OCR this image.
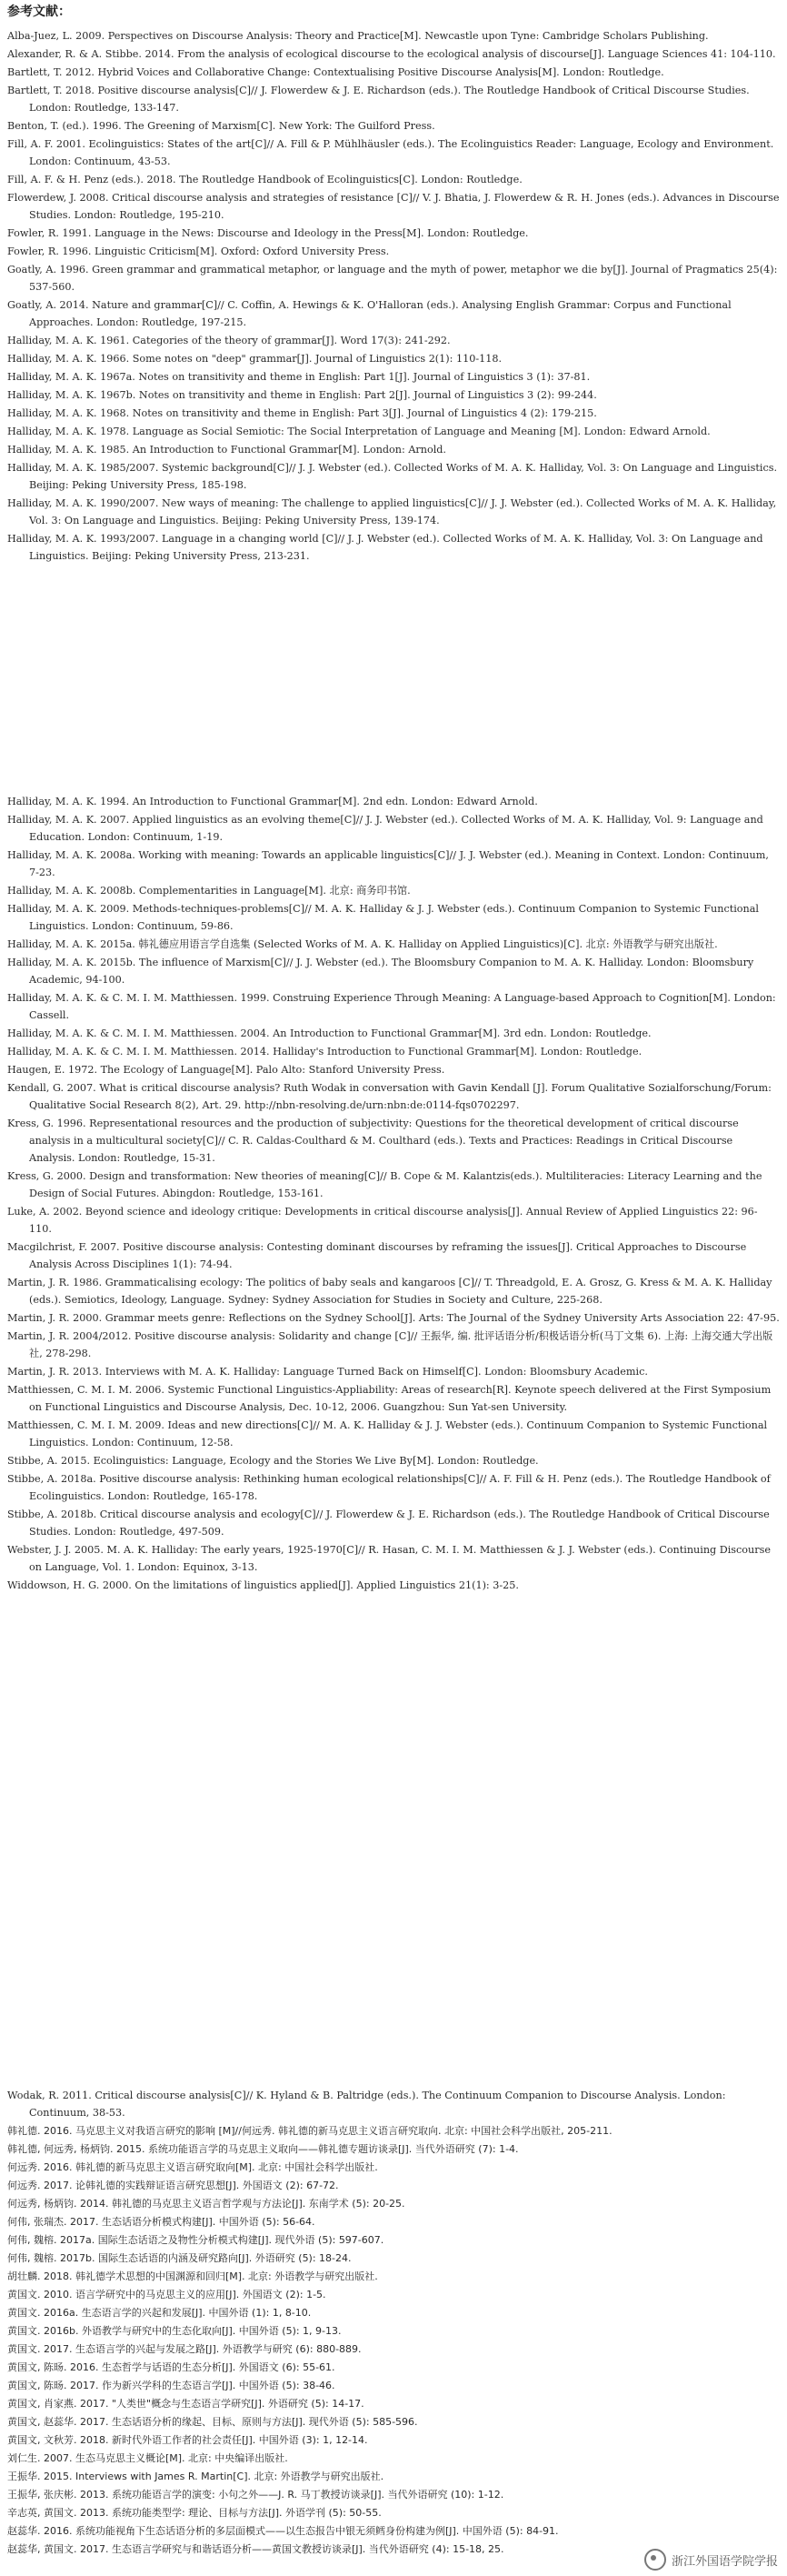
参考文献：
Alba-Juez, L. 2009. Perspectives on Discourse Analysis: Theory and Practice[M]. Newcastle upon Tyne: Cambridge Scholars Publishing.
Alexander, R. & A. Stibbe. 2014. From the analysis of ecological discourse to the ecological analysis of discourse[J]. Language Sciences 41: 104-110.
Bartlett, T. 2012. Hybrid Voices and Collaborative Change: Contextualising Positive Discourse Analysis[M]. London: Routledge.
Bartlett, T. 2018. Positive discourse analysis[C]// J. Flowerdew & J. E. Richardson (eds.). The Routledge Handbook of Critical Discourse Studies. London: Routledge, 133-147.
Benton, T. (ed.). 1996. The Greening of Marxism[C]. New York: The Guilford Press.
Fill, A. F. 2001. Ecolinguistics: States of the art[C]// A. Fill & P. Mühlhäusler (eds.). The Ecolinguistics Reader: Language, Ecology and Environment. London: Continuum, 43-53.
Fill, A. F. & H. Penz (eds.). 2018. The Routledge Handbook of Ecolinguistics[C]. London: Routledge.
Flowerdew, J. 2008. Critical discourse analysis and strategies of resistance [C]// V. J. Bhatia, J. Flowerdew & R. H. Jones (eds.). Advances in Discourse Studies. London: Routledge, 195-210.
Fowler, R. 1991. Language in the News: Discourse and Ideology in the Press[M]. London: Routledge.
Fowler, R. 1996. Linguistic Criticism[M]. Oxford: Oxford University Press.
Goatly, A. 1996. Green grammar and grammatical metaphor, or language and the myth of power, metaphor we die by[J]. Journal of Pragmatics 25(4): 537-560.
Goatly, A. 2014. Nature and grammar[C]// C. Coffin, A. Hewings & K. O'Halloran (eds.). Analysing English Grammar: Corpus and Functional Approaches. London: Routledge, 197-215.
Halliday, M. A. K. 1961. Categories of the theory of grammar[J]. Word 17(3): 241-292.
Halliday, M. A. K. 1966. Some notes on "deep" grammar[J]. Journal of Linguistics 2(1): 110-118.
Halliday, M. A. K. 1967a. Notes on transitivity and theme in English: Part 1[J]. Journal of Linguistics 3 (1): 37-81.
Halliday, M. A. K. 1967b. Notes on transitivity and theme in English: Part 2[J]. Journal of Linguistics 3 (2): 99-244.
Halliday, M. A. K. 1968. Notes on transitivity and theme in English: Part 3[J]. Journal of Linguistics 4 (2): 179-215.
Halliday, M. A. K. 1978. Language as Social Semiotic: The Social Interpretation of Language and Meaning [M]. London: Edward Arnold.
Halliday, M. A. K. 1985. An Introduction to Functional Grammar[M]. London: Arnold.
Halliday, M. A. K. 1985/2007. Systemic background[C]// J. J. Webster (ed.). Collected Works of M. A. K. Halliday, Vol. 3: On Language and Linguistics. Beijing: Peking University Press, 185-198.
Halliday, M. A. K. 1990/2007. New ways of meaning: The challenge to applied linguistics[C]// J. J. Webster (ed.). Collected Works of M. A. K. Halliday, Vol. 3: On Language and Linguistics. Beijing: Peking University Press, 139-174.
Halliday, M. A. K. 1993/2007. Language in a changing world [C]// J. J. Webster (ed.). Collected Works of M. A. K. Halliday, Vol. 3: On Language and Linguistics. Beijing: Peking University Press, 213-231.
Halliday, M. A. K. 1994. An Introduction to Functional Grammar[M]. 2nd edn. London: Edward Arnold.
Halliday, M. A. K. 2007. Applied linguistics as an evolving theme[C]// J. J. Webster (ed.). Collected Works of M. A. K. Halliday, Vol. 9: Language and Education. London: Continuum, 1-19.
Halliday, M. A. K. 2008a. Working with meaning: Towards an applicable linguistics[C]// J. J. Webster (ed.). Meaning in Context. London: Continuum, 7-23.
Halliday, M. A. K. 2008b. Complementarities in Language[M]. 北京: 商务印书馆.
Halliday, M. A. K. 2009. Methods-techniques-problems[C]// M. A. K. Halliday & J. J. Webster (eds.). Continuum Companion to Systemic Functional Linguistics. London: Continuum, 59-86.
Halliday, M. A. K. 2015a. 韩礼德应用语言学自选集 (Selected Works of M. A. K. Halliday on Applied Linguistics)[C]. 北京: 外语教学与研究出版社.
Halliday, M. A. K. 2015b. The influence of Marxism[C]// J. J. Webster (ed.). The Bloomsbury Companion to M. A. K. Halliday. London: Bloomsbury Academic, 94-100.
Halliday, M. A. K. & C. M. I. M. Matthiessen. 1999. Construing Experience Through Meaning: A Language-based Approach to Cognition[M]. London: Cassell.
Halliday, M. A. K. & C. M. I. M. Matthiessen. 2004. An Introduction to Functional Grammar[M]. 3rd edn. London: Routledge.
Halliday, M. A. K. & C. M. I. M. Matthiessen. 2014. Halliday's Introduction to Functional Grammar[M]. London: Routledge.
Haugen, E. 1972. The Ecology of Language[M]. Palo Alto: Stanford University Press.
Kendall, G. 2007. What is critical discourse analysis? Ruth Wodak in conversation with Gavin Kendall [J]. Forum Qualitative Sozialforschung/Forum: Qualitative Social Research 8(2), Art. 29. http://nbn-resolving.de/urn:nbn:de:0114-fqs0702297.
Kress, G. 1996. Representational resources and the production of subjectivity: Questions for the theoretical development of critical discourse analysis in a multicultural society[C]// C. R. Caldas-Coulthard & M. Coulthard (eds.). Texts and Practices: Readings in Critical Discourse Analysis. London: Routledge, 15-31.
Kress, G. 2000. Design and transformation: New theories of meaning[C]// B. Cope & M. Kalantzis(eds.). Multiliteracies: Literacy Learning and the Design of Social Futures. Abingdon: Routledge, 153-161.
Luke, A. 2002. Beyond science and ideology critique: Developments in critical discourse analysis[J]. Annual Review of Applied Linguistics 22: 96-110.
Macgilchrist, F. 2007. Positive discourse analysis: Contesting dominant discourses by reframing the issues[J]. Critical Approaches to Discourse Analysis Across Disciplines 1(1): 74-94.
Martin, J. R. 1986. Grammaticalising ecology: The politics of baby seals and kangaroos [C]// T. Threadgold, E. A. Grosz, G. Kress & M. A. K. Halliday (eds.). Semiotics, Ideology, Language. Sydney: Sydney Association for Studies in Society and Culture, 225-268.
Martin, J. R. 2000. Grammar meets genre: Reflections on the Sydney School[J]. Arts: The Journal of the Sydney University Arts Association 22: 47-95.
Martin, J. R. 2004/2012. Positive discourse analysis: Solidarity and change [C]// 王振华, 编. 批评话语分析/积极话语分析(马丁文集 6). 上海: 上海交通大学出版社, 278-298.
Martin, J. R. 2013. Interviews with M. A. K. Halliday: Language Turned Back on Himself[C]. London: Bloomsbury Academic.
Matthiessen, C. M. I. M. 2006. Systemic Functional Linguistics-Appliability: Areas of research[R]. Keynote speech delivered at the First Symposium on Functional Linguistics and Discourse Analysis, Dec. 10-12, 2006. Guangzhou: Sun Yat-sen University.
Matthiessen, C. M. I. M. 2009. Ideas and new directions[C]// M. A. K. Halliday & J. J. Webster (eds.). Continuum Companion to Systemic Functional Linguistics. London: Continuum, 12-58.
Stibbe, A. 2015. Ecolinguistics: Language, Ecology and the Stories We Live By[M]. London: Routledge.
Stibbe, A. 2018a. Positive discourse analysis: Rethinking human ecological relationships[C]// A. F. Fill & H. Penz (eds.). The Routledge Handbook of Ecolinguistics. London: Routledge, 165-178.
Stibbe, A. 2018b. Critical discourse analysis and ecology[C]// J. Flowerdew & J. E. Richardson (eds.). The Routledge Handbook of Critical Discourse Studies. London: Routledge, 497-509.
Webster, J. J. 2005. M. A. K. Halliday: The early years, 1925-1970[C]// R. Hasan, C. M. I. M. Matthiessen & J. J. Webster (eds.). Continuing Discourse on Language, Vol. 1. London: Equinox, 3-13.
Widdowson, H. G. 2000. On the limitations of linguistics applied[J]. Applied Linguistics 21(1): 3-25.
Wodak, R. 2011. Critical discourse analysis[C]// K. Hyland & B. Paltridge (eds.). The Continuum Companion to Discourse Analysis. London: Continuum, 38-53.
韩礼德. 2016. 马克思主义对我语言研究的影响 [M]//何远秀. 韩礼德的新马克思主义语言研究取向. 北京: 中国社会科学出版社, 205-211.
韩礼德, 何远秀, 杨炳钧. 2015. 系统功能语言学的马克思主义取向——韩礼德专题访谈录[J]. 当代外语研究 (7): 1-4.
何远秀. 2016. 韩礼德的新马克思主义语言研究取向[M]. 北京: 中国社会科学出版社.
何远秀. 2017. 论韩礼德的实践辩证语言研究思想[J]. 外国语文 (2): 67-72.
何远秀, 杨炳钧. 2014. 韩礼德的马克思主义语言哲学观与方法论[J]. 东南学术 (5): 20-25.
何伟, 张瑞杰. 2017. 生态话语分析模式构建[J]. 中国外语 (5): 56-64.
何伟, 魏榕. 2017a. 国际生态话语之及物性分析模式构建[J]. 现代外语 (5): 597-607.
何伟, 魏榕. 2017b. 国际生态话语的内涵及研究路向[J]. 外语研究 (5): 18-24.
胡壮麟. 2018. 韩礼德学术思想的中国渊源和回归[M]. 北京: 外语教学与研究出版社.
黄国文. 2010. 语言学研究中的马克思主义的应用[J]. 外国语文 (2): 1-5.
黄国文. 2016a. 生态语言学的兴起和发展[J]. 中国外语 (1): 1, 8-10.
黄国文. 2016b. 外语教学与研究中的生态化取向[J]. 中国外语 (5): 1, 9-13.
黄国文. 2017. 生态语言学的兴起与发展之路[J]. 外语教学与研究 (6): 880-889.
黄国文, 陈旸. 2016. 生态哲学与话语的生态分析[J]. 外国语文 (6): 55-61.
黄国文, 陈旸. 2017. 作为新兴学科的生态语言学[J]. 中国外语 (5): 38-46.
黄国文, 肖家燕. 2017. "人类世"概念与生态语言学研究[J]. 外语研究 (5): 14-17.
黄国文, 赵蕊华. 2017. 生态话语分析的缘起、目标、原则与方法[J]. 现代外语 (5): 585-596.
黄国文, 文秋芳. 2018. 新时代外语工作者的社会责任[J]. 中国外语 (3): 1, 12-14.
刘仁生. 2007. 生态马克思主义概论[M]. 北京: 中央编译出版社.
王振华. 2015. Interviews with James R. Martin[C]. 北京: 外语教学与研究出版社.
王振华, 张庆彬. 2013. 系统功能语言学的演变: 小句之外——J. R. 马丁教授访谈录[J]. 当代外语研究 (10): 1-12.
辛志英, 黄国文. 2013. 系统功能类型学: 理论、目标与方法[J]. 外语学刊 (5): 50-55.
赵蕊华. 2016. 系统功能视角下生态话语分析的多层面模式——以生态报告中银无须鳕身份构建为例[J]. 中国外语 (5): 84-91.
赵蕊华, 黄国文. 2017. 生态语言学研究与和谐话语分析——黄国文教授访谈录[J]. 当代外语研究 (4): 15-18, 25.
浙江外国语学院学报
